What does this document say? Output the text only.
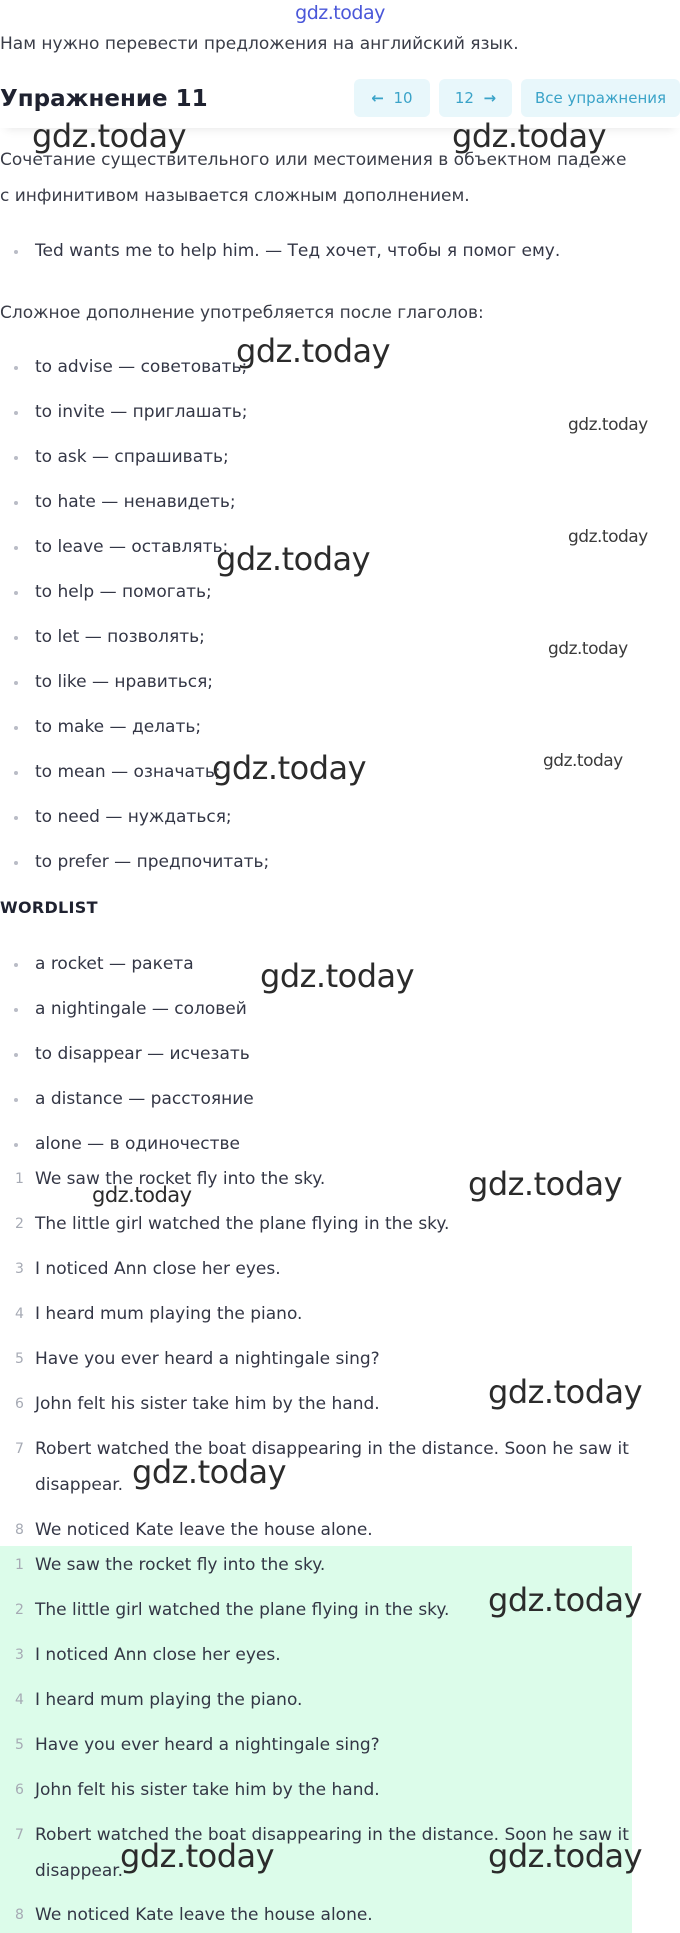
gdz.today
Нам нужно перевести предложения на английский язык.
Упражнение 11	← 10	12 →	Все упражнения
Сочетание существительного или местоимения в объектном падеже с инфинитивом называется сложным дополнением.
Ted wants me to help him. — Тед хочет, чтобы я помог ему.
Сложное дополнение употребляется после глаголов:
to advise — советовать;
to invite — приглашать;
to ask — спрашивать;
to hate — ненавидеть;
to leave — оставлять;
to help — помогать;
to let — позволять;
to like — нравиться;
to make — делать;
to mean — означать;
to need — нуждаться;
to prefer — предпочитать;
WORDLIST
a rocket — ракета
a nightingale — соловей
to disappear — исчезать
a distance — расстояние
alone — в одиночестве
1 We saw the rocket fly into the sky.
2 The little girl watched the plane flying in the sky.
3 I noticed Ann close her eyes.
4 I heard mum playing the piano.
5 Have you ever heard a nightingale sing?
6 John felt his sister take him by the hand.
7 Robert watched the boat disappearing in the distance. Soon he saw it disappear.
8 We noticed Kate leave the house alone.
1 We saw the rocket fly into the sky.
2 The little girl watched the plane flying in the sky.
3 I noticed Ann close her eyes.
4 I heard mum playing the piano.
5 Have you ever heard a nightingale sing?
6 John felt his sister take him by the hand.
7 Robert watched the boat disappearing in the distance. Soon he saw it disappear.
8 We noticed Kate leave the house alone.
gdz.today	gdz.today
gdz.today
gdz.today
gdz.today
gdz.today
gdz.today
gdz.today	gdz.today
gdz.today
gdz.today
gdz.today
gdz.today
gdz.today
gdz.today
gdz.today	gdz.today
